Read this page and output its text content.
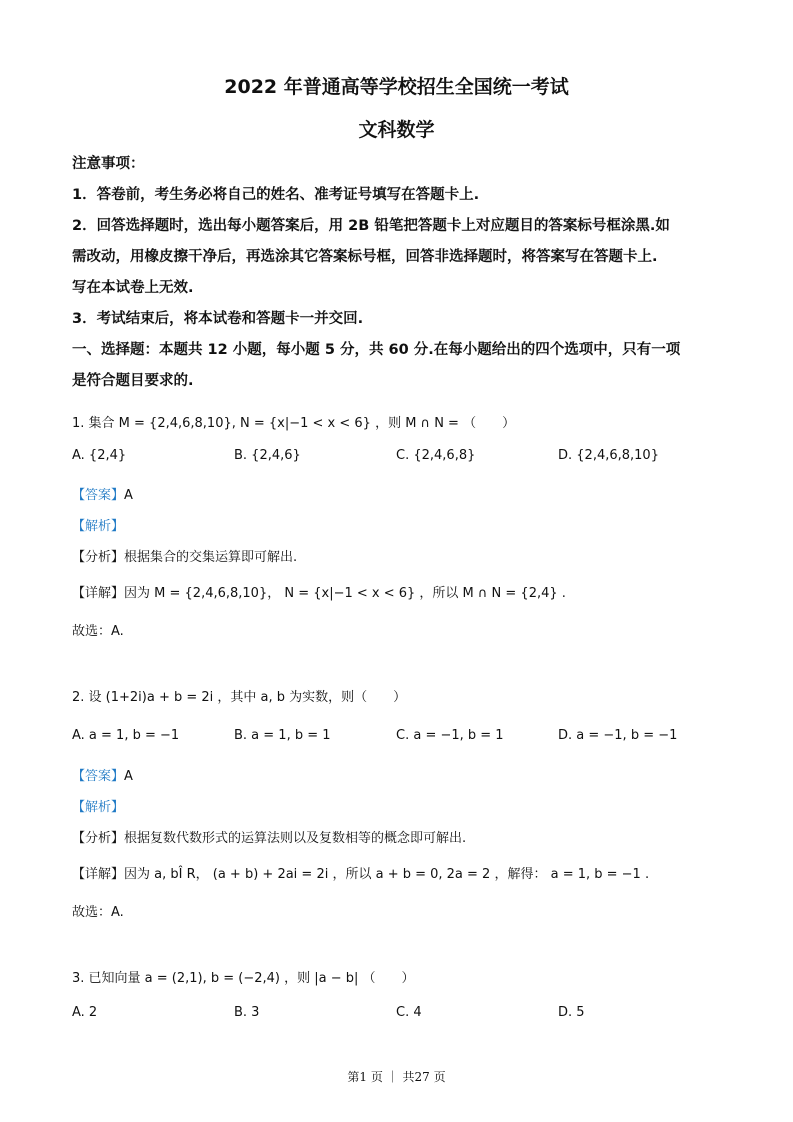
2022 年普通高等学校招生全国统一考试
文科数学
注意事项：
1．答卷前，考生务必将自己的姓名、准考证号填写在答题卡上.
2．回答选择题时，选出每小题答案后，用 2B 铅笔把答题卡上对应题目的答案标号框涂黑.如
需改动，用橡皮擦干净后，再选涂其它答案标号框，回答非选择题时，将答案写在答题卡上.
写在本试卷上无效.
3．考试结束后，将本试卷和答题卡一并交回.
一、选择题：本题共 12 小题，每小题 5 分，共 60 分.在每小题给出的四个选项中，只有一项
是符合题目要求的.
1. 集合 M = {2,4,6,8,10}, N = {x|−1 < x < 6} ，则 M ∩ N = （　　）
A. {2,4}	B. {2,4,6}	C. {2,4,6,8}	D. {2,4,6,8,10}
【答案】A
【解析】
【分析】根据集合的交集运算即可解出.
【详解】因为 M = {2,4,6,8,10}， N = {x|−1 < x < 6} ，所以 M ∩ N = {2,4} .
故选：A.
2. 设 (1+2i)a + b = 2i ，其中 a, b 为实数，则（　　）
A. a = 1, b = −1	B. a = 1, b = 1	C. a = −1, b = 1	D. a = −1, b = −1
【答案】A
【解析】
【分析】根据复数代数形式的运算法则以及复数相等的概念即可解出.
【详解】因为 a, bÎ R， (a + b) + 2ai = 2i ，所以 a + b = 0, 2a = 2 ，解得： a = 1, b = −1 .
故选：A.
3. 已知向量 a = (2,1), b = (−2,4) ，则 |a − b| （　　）
A. 2	B. 3	C. 4	D. 5
第1 页 ｜ 共27 页
